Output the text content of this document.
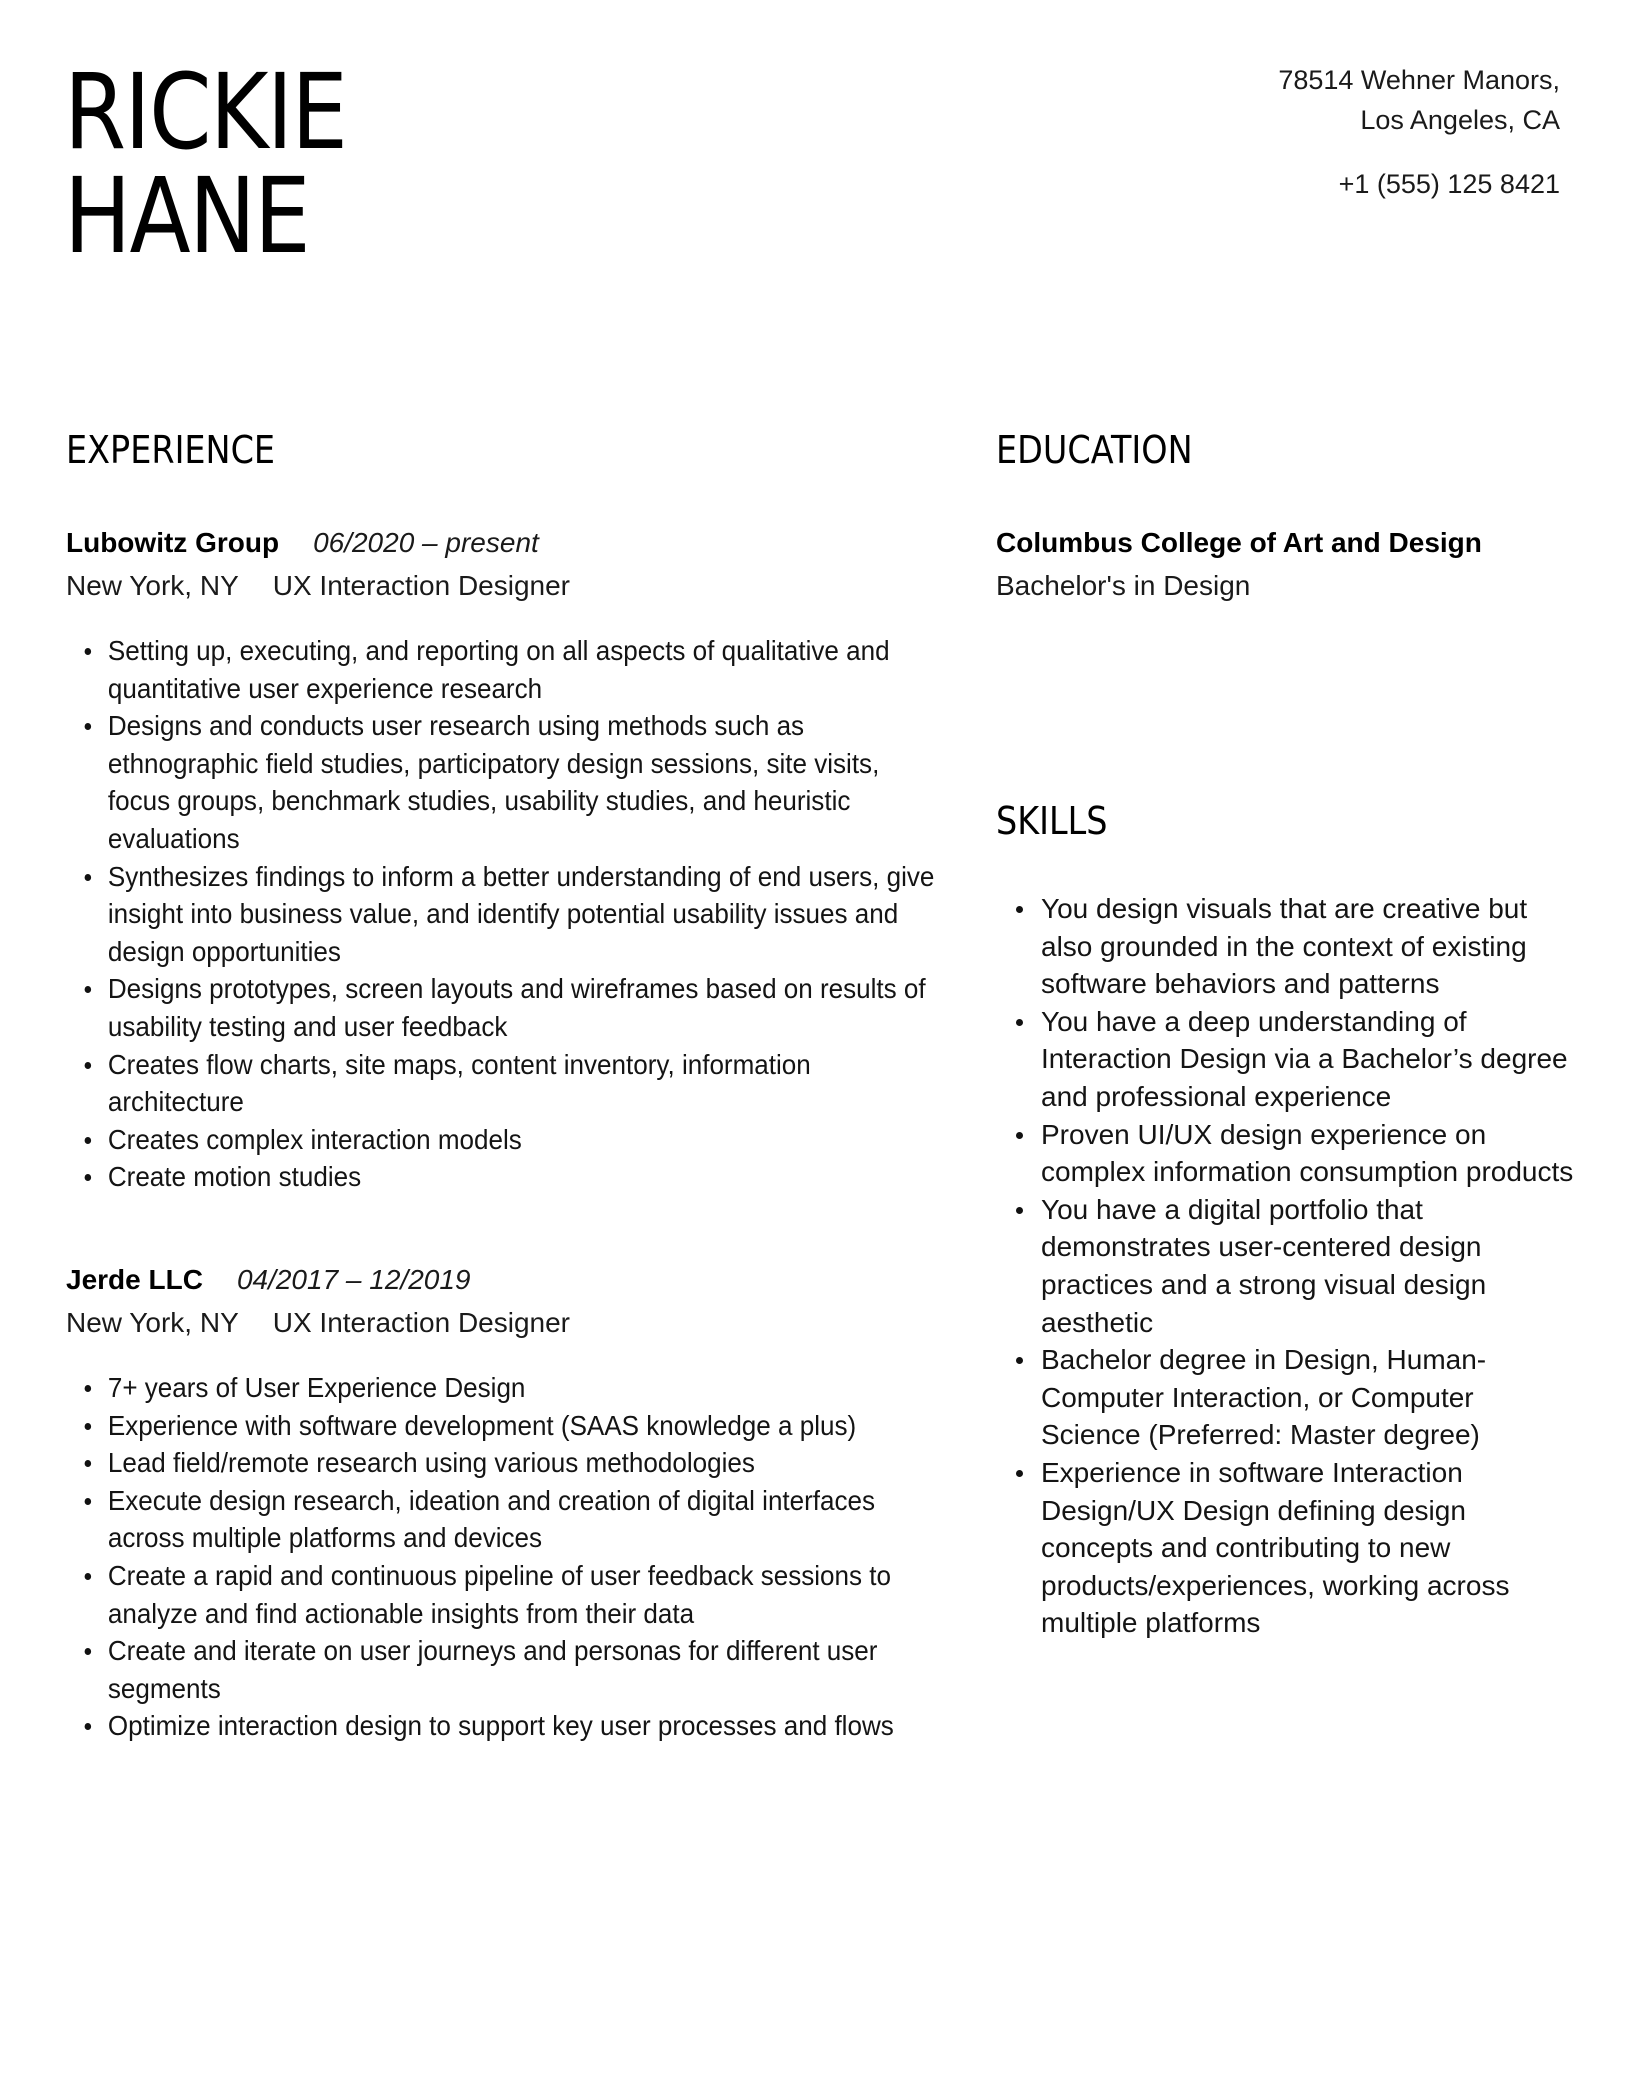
RICKIE
HANE
78514 Wehner Manors,
Los Angeles, CA
+1 (555) 125 8421
EXPERIENCE
Lubowitz Group 06/2020 – present
New York, NY UX Interaction Designer
Setting up, executing, and reporting on all aspects of qualitative and quantitative user experience research
Designs and conducts user research using methods such as ethnographic field studies, participatory design sessions, site visits, focus groups, benchmark studies, usability studies, and heuristic evaluations
Synthesizes findings to inform a better understanding of end users, give insight into business value, and identify potential usability issues and design opportunities
Designs prototypes, screen layouts and wireframes based on results of usability testing and user feedback
Creates flow charts, site maps, content inventory, information architecture
Creates complex interaction models
Create motion studies
Jerde LLC 04/2017 – 12/2019
New York, NY UX Interaction Designer
7+ years of User Experience Design
Experience with software development (SAAS knowledge a plus)
Lead field/remote research using various methodologies
Execute design research, ideation and creation of digital interfaces across multiple platforms and devices
Create a rapid and continuous pipeline of user feedback sessions to analyze and find actionable insights from their data
Create and iterate on user journeys and personas for different user segments
Optimize interaction design to support key user processes and flows
EDUCATION
Columbus College of Art and Design
Bachelor's in Design
SKILLS
You design visuals that are creative but also grounded in the context of existing software behaviors and patterns
You have a deep understanding of Interaction Design via a Bachelor’s degree and professional experience
Proven UI/UX design experience on complex information consumption products
You have a digital portfolio that demonstrates user-centered design practices and a strong visual design aesthetic
Bachelor degree in Design, Human-Computer Interaction, or Computer Science (Preferred: Master degree)
Experience in software Interaction Design/UX Design defining design concepts and contributing to new products/experiences, working across multiple platforms
